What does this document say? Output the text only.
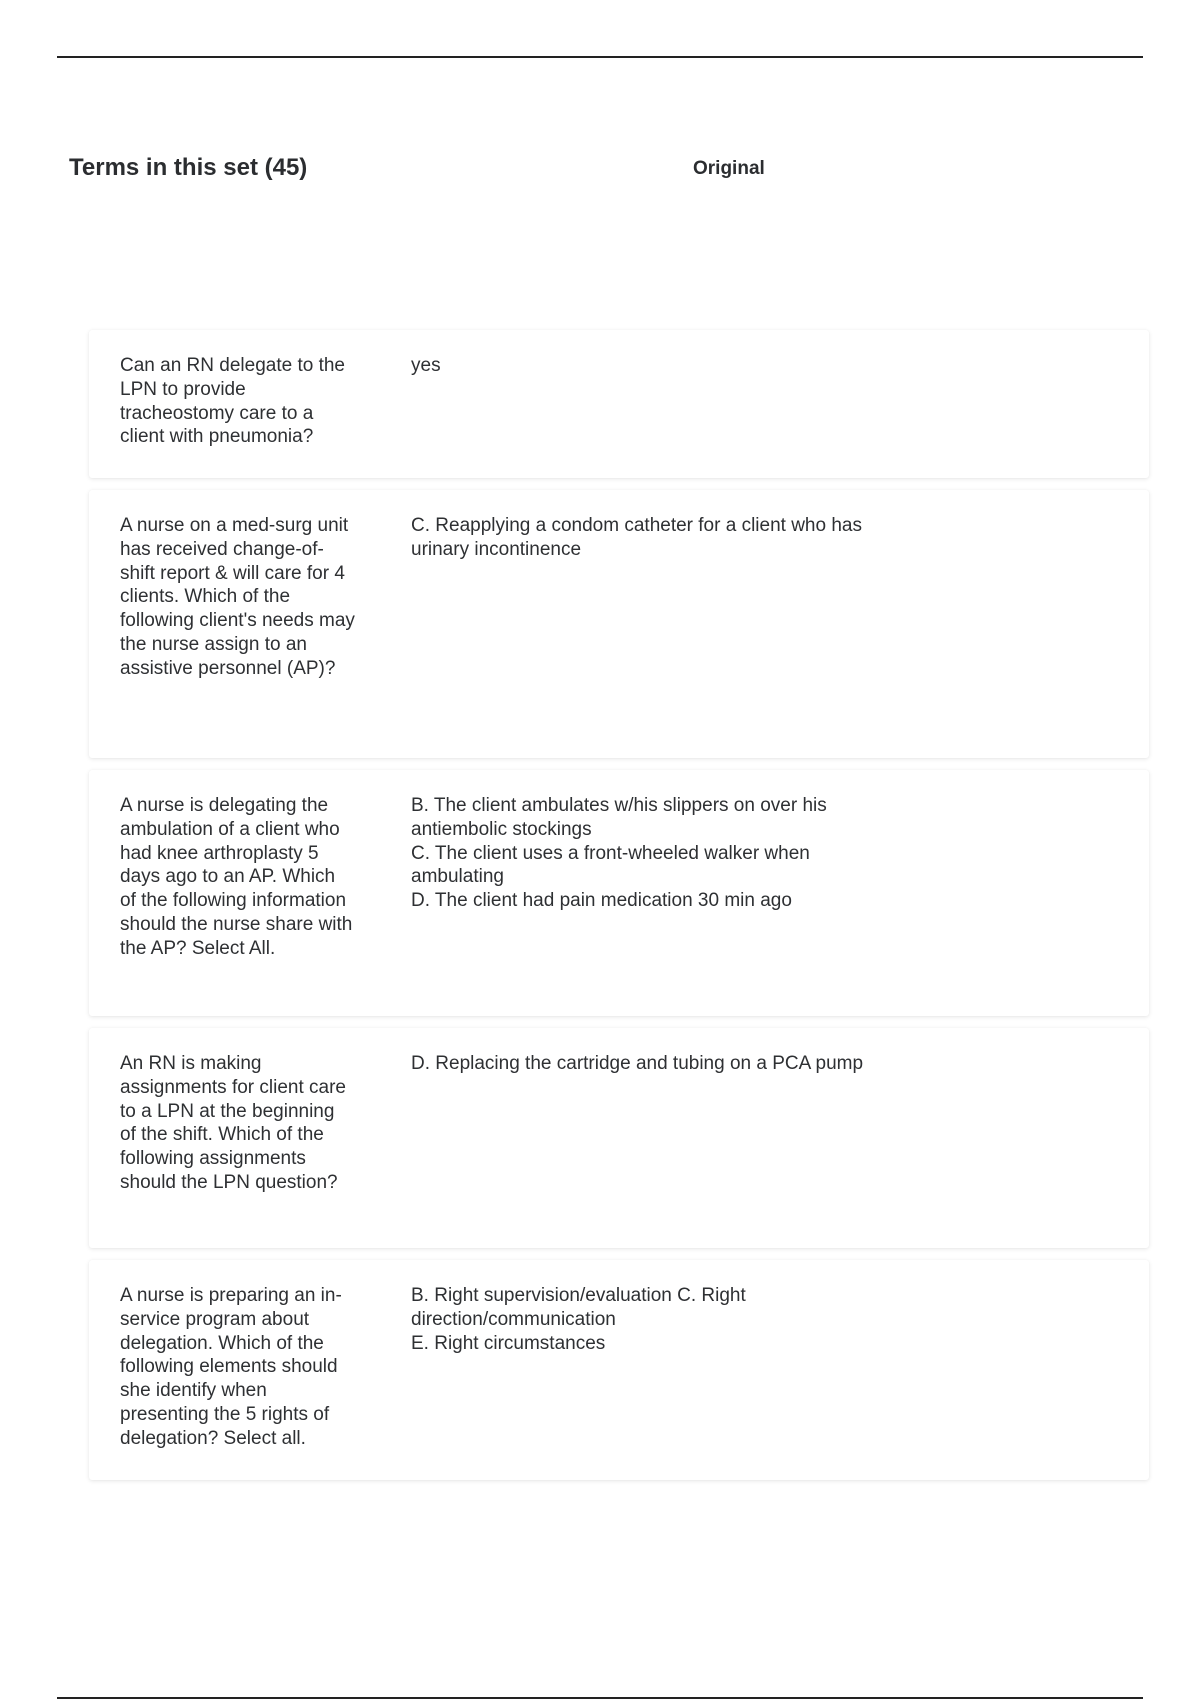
Terms in this set (45)	Original
Can an RN delegate to the LPN to provide tracheostomy care to a client with pneumonia?
yes
A nurse on a med-surg unit has received change-of-shift report & will care for 4 clients. Which of the following client's needs may the nurse assign to an assistive personnel (AP)?
C. Reapplying a condom catheter for a client who has urinary incontinence
A nurse is delegating the ambulation of a client who had knee arthroplasty 5 days ago to an AP. Which of the following information should the nurse share with the AP? Select All.
B. The client ambulates w/his slippers on over his antiembolic stockings
C. The client uses a front-wheeled walker when ambulating
D. The client had pain medication 30 min ago
An RN is making assignments for client care to a LPN at the beginning of the shift. Which of the following assignments should the LPN question?
D. Replacing the cartridge and tubing on a PCA pump
A nurse is preparing an in-service program about delegation. Which of the following elements should she identify when presenting the 5 rights of delegation? Select all.
B. Right supervision/evaluation C. Right direction/communication
E. Right circumstances
